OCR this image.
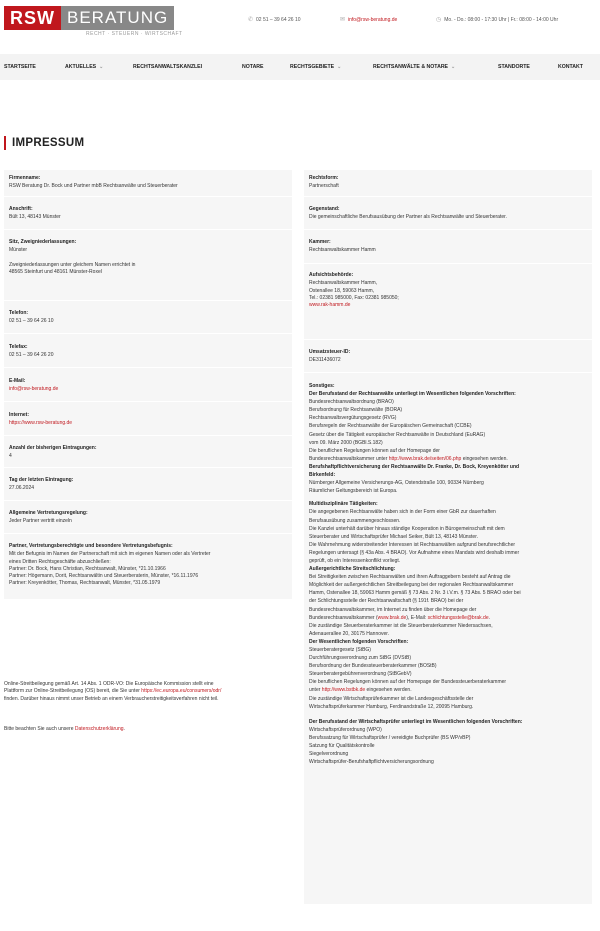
RSW BERATUNG
RECHT · STEUERN · WIRTSCHAFT
✆ 02 51 – 39 64 26 10	✉ info@rsw-beratung.de	◷ Mo. - Do.: 08:00 - 17:30 Uhr | Fr.: 08:00 - 14:00 Uhr
STARTSEITE	AKTUELLES ⌄	RECHTSANWALTSKANZLEI	NOTARE	RECHTSGEBIETE ⌄	RECHTSANWÄLTE & NOTARE ⌄	STANDORTE	KONTAKT
IMPRESSUM
Firmenname:
RSW Beratung Dr. Bock und Partner mbB Rechtsanwälte und Steuerberater
Anschrift:
Bült 13, 48143 Münster
Sitz, Zweigniederlassungen:
Münster
Zweigniederlassungen unter gleichem Namen errichtet in
48565 Steinfurt und 48161 Münster-Roxel
Telefon:
02 51 – 39 64 26 10
Telefax:
02 51 – 39 64 26 20
E-Mail:
info@rsw-beratung.de
Internet:
https://www.rsw-beratung.de
Anzahl der bisherigen Eintragungen:
4
Tag der letzten Eintragung:
27.06.2024
Allgemeine Vertretungsregelung:
Jeder Partner vertritt einzeln
Partner, Vertretungsberechtigte und besondere Vertretungsbefugnis:
Mit der Befugnis im Namen der Partnerschaft mit sich im eigenen Namen oder als Vertreter
eines Dritten Rechtsgeschäfte abzuschließen:
Partner: Dr. Bock, Hans Christian, Rechtsanwalt, Münster, *21.10.1966
Partner: Högemann, Dorit, Rechtsanwältin und Steuerberaterin, Münster, *16.11.1976
Partner: Kreyenkötter, Thomas, Rechtsanwalt, Münster, *31.05.1979
Online-Streitbeilegung gemäß Art. 14 Abs. 1 ODR-VO: Die Europäische Kommission stellt eine
Plattform zur Online-Streitbeilegung (OS) bereit, die Sie unter https://ec.europa.eu/consumers/odr/
finden. Darüber hinaus nimmt unser Betrieb an einem Verbraucherstreitigkeitsverfahren nicht teil.
Bitte beachten Sie auch unsere Datenschutzerklärung.
Rechtsform:
Partnerschaft
Gegenstand:
Die gemeinschaftliche Berufsausübung der Partner als Rechtsanwälte und Steuerberater.
Kammer:
Rechtsanwaltskammer Hamm
Aufsichtsbehörde:
Rechtsanwaltskammer Hamm,
Ostenallee 18, 59063 Hamm,
Tel.: 02381 985000, Fax: 02381 985050;
www.rak-hamm.de
Umsatzsteuer-ID:
DE311436072
Sonstiges:
Der Berufsstand der Rechtsanwälte unterliegt im Wesentlichen folgenden Vorschriften:
Bundesrechtsanwaltsordnung (BRAO)
Berufsordnung für Rechtsanwälte (BORA)
Rechtsanwaltsvergütungsgesetz (RVG)
Berufsregeln der Rechtsanwälte der Europäischen Gemeinschaft (CCBE)
Gesetz über die Tätigkeit europäischer Rechtsanwälte in Deutschland (EuRAG)
vom 09. März 2000 (BGBl.S.182)
Die beruflichen Regelungen können auf der Homepage der
Bundesrechtsanwaltskammer unter http://www.brak.de/seiten/06.php eingesehen werden.
Berufshaftpflichtversicherung der Rechtsanwälte Dr. Franke, Dr. Bock, Kreyenkötter und
Birkenfeld:
Nürnberger Allgemeine Versicherungs-AG, Ostendstraße 100, 90334 Nürnberg
Räumlicher Geltungsbereich ist Europa.
Multidisziplinäre Tätigkeiten:
Die angegebenen Rechtsanwälte haben sich in der Form einer GbR zur dauerhaften
Berufsausübung zusammengeschlossen.
Die Kanzlei unterhält darüber hinaus ständige Kooperation in Bürogemeinschaft mit dem
Steuerberater und Wirtschaftsprüfer Michael Seiker, Bült 13, 48143 Münster.
Die Wahrnehmung widerstreitender Interessen ist Rechtsanwälten aufgrund berufsrechtlicher
Regelungen untersagt (§ 43a Abs. 4 BRAO). Vor Aufnahme eines Mandats wird deshalb immer
geprüft, ob ein Interessenkonflikt vorliegt.
Außergerichtliche Streitschlichtung:
Bei Streitigkeiten zwischen Rechtsanwälten und ihren Auftraggebern besteht auf Antrag die
Möglichkeit der außergerichtlichen Streitbeilegung bei der regionalen Rechtsanwaltskammer
Hamm, Ostenallee 18, 59063 Hamm gemäß § 73 Abs. 2 Nr. 3 i.V.m. § 73 Abs. 5 BRAO oder bei
der Schlichtungsstelle der Rechtsanwaltschaft (§ 191f. BRAO) bei der
Bundesrechtsanwaltskammer, im Internet zu finden über die Homepage der
Bundesrechtsanwaltskammer (www.brak.de), E-Mail: schlichtungsstelle@brak.de.
Die zuständige Steuerberaterkammer ist die Steuerberaterkammer Niedersachsen,
Adenauerallee 20, 30175 Hannover.
Der Wesentlichen folgenden Vorschriften:
Steuerberatergesetz (StBG)
Durchführungsverordnung zum StBG (DVStB)
Berufsordnung der Bundessteuerberaterkammer (BOStB)
Steuerberatergebührenverordnung (StBGebV)
Die beruflichen Regelungen können auf der Homepage der Bundessteuerberaterkammer
unter http://www.bstbk.de eingesehen werden.
Die zuständige Wirtschaftsprüferkammer ist die Landesgeschäftsstelle der
Wirtschaftsprüferkammer Hamburg, Ferdinandstraße 12, 20095 Hamburg.
Der Berufsstand der Wirtschaftsprüfer unterliegt im Wesentlichen folgenden Vorschriften:
Wirtschaftsprüferordnung (WPO)
Berufssatzung für Wirtschaftsprüfer / vereidigte Buchprüfer (BS WP/vBP)
Satzung für Qualitätskontrolle
Siegelverordnung
Wirtschaftsprüfer-Berufshaftpflichtversicherungsordnung
